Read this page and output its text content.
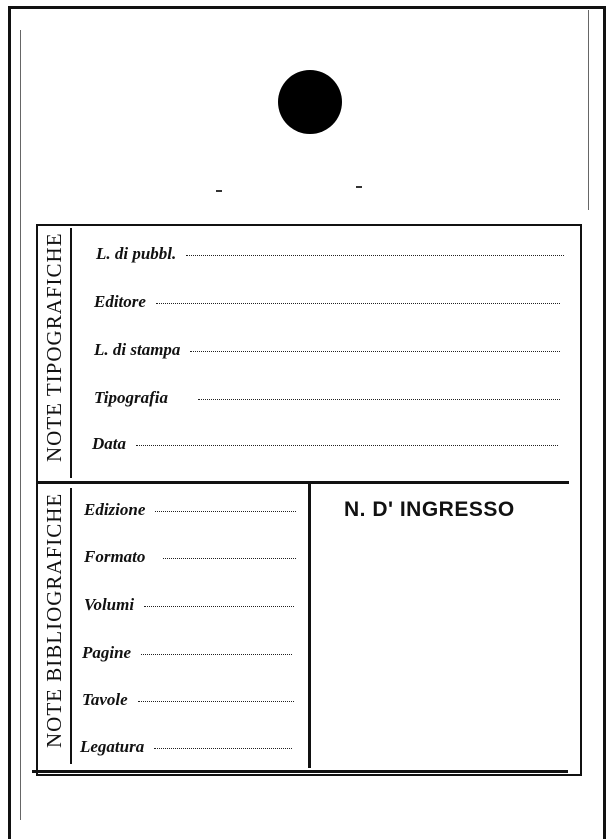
NOTE TIPOGRAFICHE
NOTE BIBLIOGRAFICHE
L. di pubbl.
Editore
L. di stampa
Tipografia
Data
Edizione
Formato
Volumi
Pagine
Tavole
Legatura
N. D' INGRESSO
